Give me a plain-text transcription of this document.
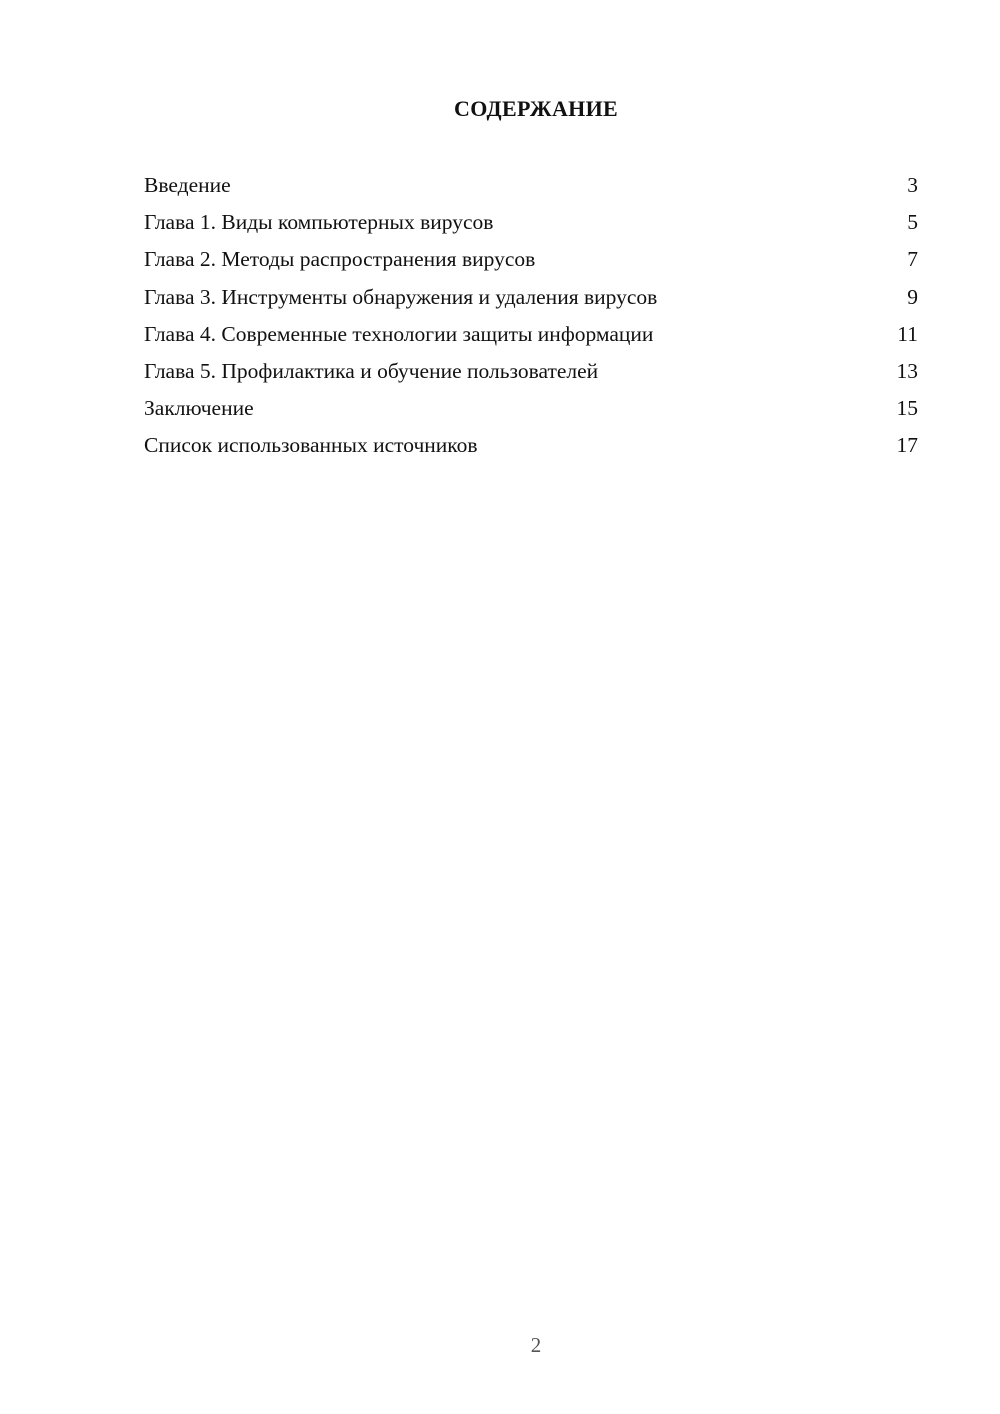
СОДЕРЖАНИЕ
Введение	3
Глава 1. Виды компьютерных вирусов	5
Глава 2. Методы распространения вирусов	7
Глава 3. Инструменты обнаружения и удаления вирусов	9
Глава 4. Современные технологии защиты информации	11
Глава 5. Профилактика и обучение пользователей	13
Заключение	15
Список использованных источников	17
2
